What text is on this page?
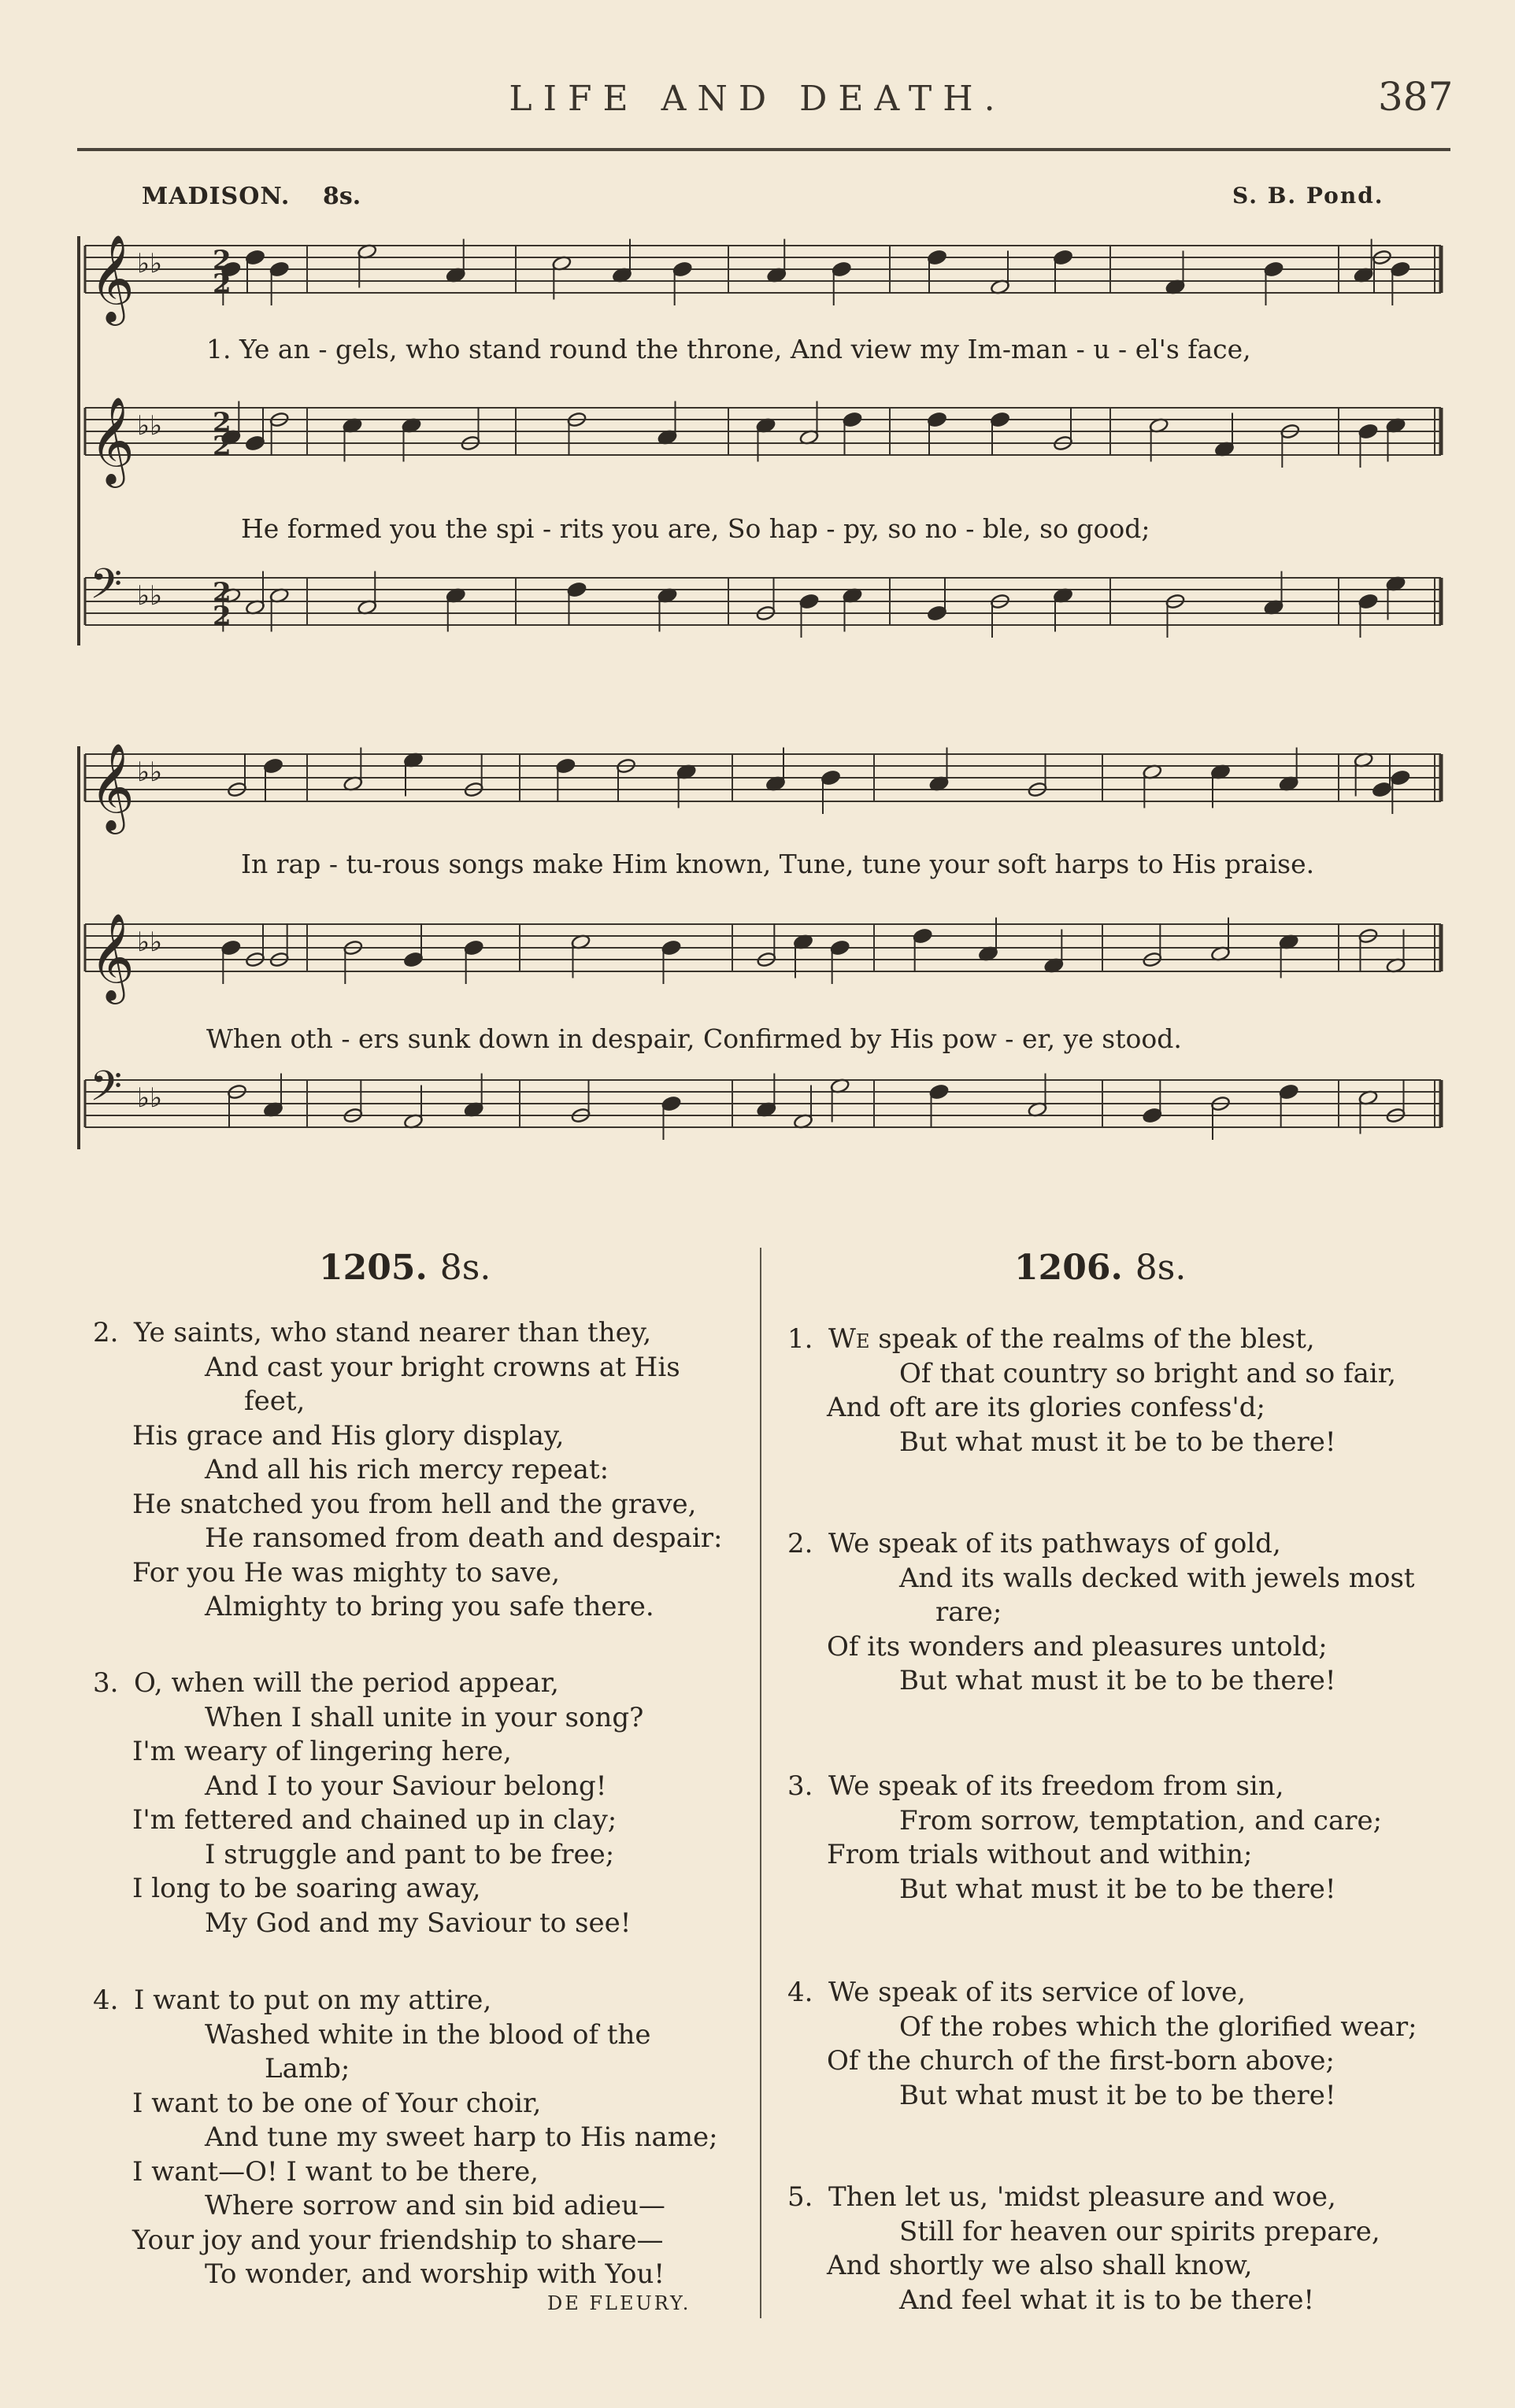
LIFE AND DEATH.	387
MADISON. 8s.	S. B. Pond.
𝄞 ♭♭
𝄞 ♭♭
𝄢 ♭♭
𝄞 ♭♭
𝄞 ♭♭
𝄢 ♭♭
2
2
2
2
2
2
1. Ye an - gels, who stand round the throne, And view my Im-man - u - el's face,
He formed you the spi - rits you are, So hap - py, so no - ble, so good;
In rap - tu-rous songs make Him known, Tune, tune your soft harps to His praise.
When oth - ers sunk down in despair, Confirmed by His pow - er, ye stood.
1205. 8s.
2. Ye saints, who stand nearer than they,
And cast your bright crowns at His
feet,
His grace and His glory display,
And all his rich mercy repeat:
He snatched you from hell and the grave,
He ransomed from death and despair:
For you He was mighty to save,
Almighty to bring you safe there.
3. O, when will the period appear,
When I shall unite in your song?
I'm weary of lingering here,
And I to your Saviour belong!
I'm fettered and chained up in clay;
I struggle and pant to be free;
I long to be soaring away,
My God and my Saviour to see!
4. I want to put on my attire,
Washed white in the blood of the
Lamb;
I want to be one of Your choir,
And tune my sweet harp to His name;
I want—O! I want to be there,
Where sorrow and sin bid adieu—
Your joy and your friendship to share—
To wonder, and worship with You!
DE FLEURY.
1206. 8s.
1. We speak of the realms of the blest,
Of that country so bright and so fair,
And oft are its glories confess'd;
But what must it be to be there!
2. We speak of its pathways of gold,
And its walls decked with jewels most
rare;
Of its wonders and pleasures untold;
But what must it be to be there!
3. We speak of its freedom from sin,
From sorrow, temptation, and care;
From trials without and within;
But what must it be to be there!
4. We speak of its service of love,
Of the robes which the glorified wear;
Of the church of the first-born above;
But what must it be to be there!
5. Then let us, 'midst pleasure and woe,
Still for heaven our spirits prepare,
And shortly we also shall know,
And feel what it is to be there!
